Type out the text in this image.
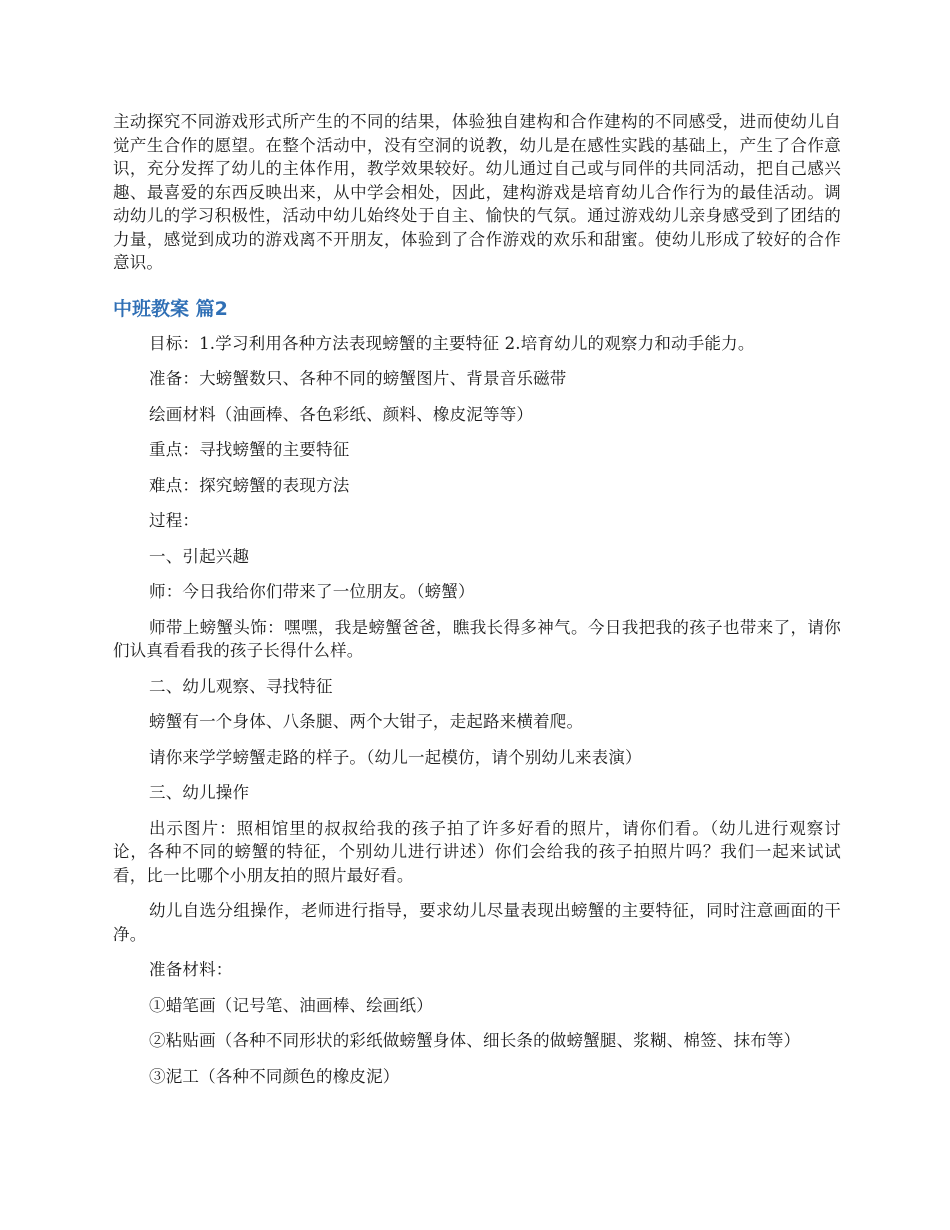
主动探究不同游戏形式所产生的不同的结果，体验独自建构和合作建构的不同感受，进而使幼儿自觉产生合作的愿望。在整个活动中，没有空洞的说教，幼儿是在感性实践的基础上，产生了合作意识，充分发挥了幼儿的主体作用，教学效果较好。幼儿通过自己或与同伴的共同活动，把自己感兴趣、最喜爱的东西反映出来，从中学会相处，因此，建构游戏是培育幼儿合作行为的最佳活动。调动幼儿的学习积极性，活动中幼儿始终处于自主、愉快的气氛。通过游戏幼儿亲身感受到了团结的力量，感觉到成功的游戏离不开朋友，体验到了合作游戏的欢乐和甜蜜。使幼儿形成了较好的合作意识。

中班教案 篇2

目标：1.学习利用各种方法表现螃蟹的主要特征 2.培育幼儿的观察力和动手能力。

准备：大螃蟹数只、各种不同的螃蟹图片、背景音乐磁带

绘画材料（油画棒、各色彩纸、颜料、橡皮泥等等）

重点：寻找螃蟹的主要特征

难点：探究螃蟹的表现方法

过程：

一、引起兴趣

师：今日我给你们带来了一位朋友。（螃蟹）

师带上螃蟹头饰：嘿嘿，我是螃蟹爸爸，瞧我长得多神气。今日我把我的孩子也带来了，请你们认真看看我的孩子长得什么样。

二、幼儿观察、寻找特征

螃蟹有一个身体、八条腿、两个大钳子，走起路来横着爬。

请你来学学螃蟹走路的样子。（幼儿一起模仿，请个别幼儿来表演）

三、幼儿操作

出示图片：照相馆里的叔叔给我的孩子拍了许多好看的照片，请你们看。（幼儿进行观察讨论，各种不同的螃蟹的特征，个别幼儿进行讲述）你们会给我的孩子拍照片吗？我们一起来试试看，比一比哪个小朋友拍的照片最好看。

幼儿自选分组操作，老师进行指导，要求幼儿尽量表现出螃蟹的主要特征，同时注意画面的干净。

准备材料：

①蜡笔画（记号笔、油画棒、绘画纸）

②粘贴画（各种不同形状的彩纸做螃蟹身体、细长条的做螃蟹腿、浆糊、棉签、抹布等）

③泥工（各种不同颜色的橡皮泥）
